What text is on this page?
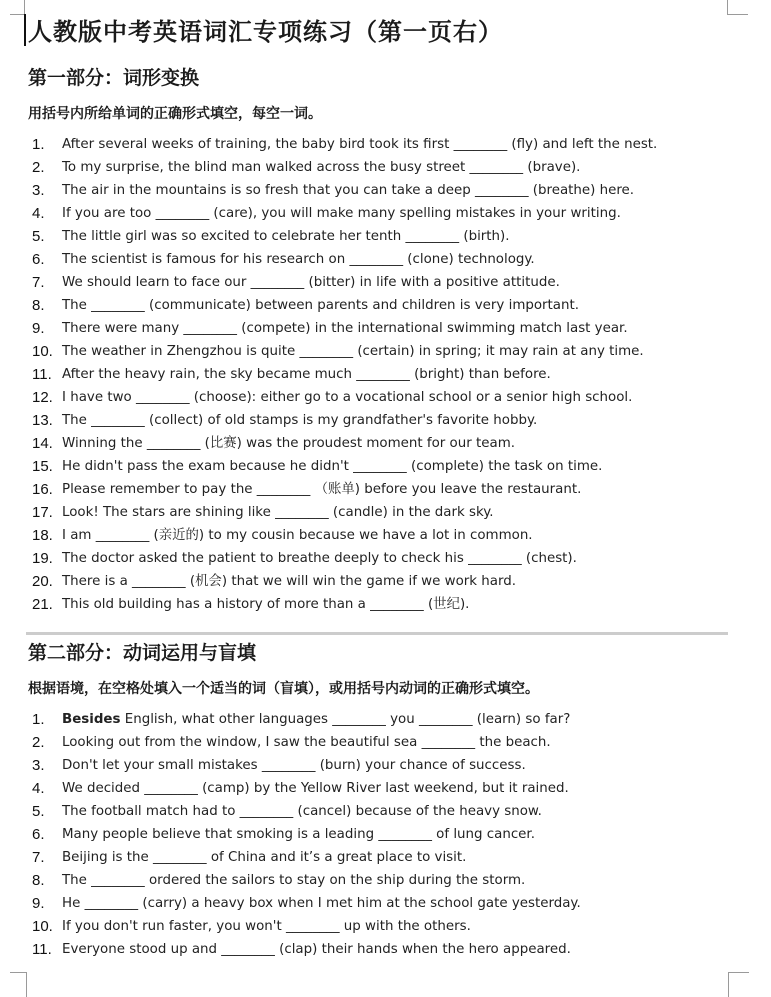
人教版中考英语词汇专项练习（第一页右）
第一部分：词形变换
用括号内所给单词的正确形式填空，每空一词。
1.	After several weeks of training, the baby bird took its first ________ (fly) and left the nest.
2.	To my surprise, the blind man walked across the busy street ________ (brave).
3.	The air in the mountains is so fresh that you can take a deep ________ (breathe) here.
4.	If you are too ________ (care), you will make many spelling mistakes in your writing.
5.	The little girl was so excited to celebrate her tenth ________ (birth).
6.	The scientist is famous for his research on ________ (clone) technology.
7.	We should learn to face our ________ (bitter) in life with a positive attitude.
8.	The ________ (communicate) between parents and children is very important.
9.	There were many ________ (compete) in the international swimming match last year.
10. The weather in Zhengzhou is quite ________ (certain) in spring; it may rain at any time.
11. After the heavy rain, the sky became much ________ (bright) than before.
12. I have two ________ (choose): either go to a vocational school or a senior high school.
13. The ________ (collect) of old stamps is my grandfather's favorite hobby.
14. Winning the ________ (比赛) was the proudest moment for our team.
15. He didn't pass the exam because he didn't ________ (complete) the task on time.
16. Please remember to pay the ________ （账单) before you leave the restaurant.
17. Look! The stars are shining like ________ (candle) in the dark sky.
18. I am ________ (亲近的) to my cousin because we have a lot in common.
19. The doctor asked the patient to breathe deeply to check his ________ (chest).
20. There is a ________ (机会) that we will win the game if we work hard.
21. This old building has a history of more than a ________ (世纪).
第二部分：动词运用与盲填
根据语境，在空格处填入一个适当的词（盲填），或用括号内动词的正确形式填空。
1.	Besides English, what other languages ________ you ________ (learn) so far?
2.	Looking out from the window, I saw the beautiful sea ________ the beach.
3.	Don't let your small mistakes ________ (burn) your chance of success.
4.	We decided ________ (camp) by the Yellow River last weekend, but it rained.
5.	The football match had to ________ (cancel) because of the heavy snow.
6.	Many people believe that smoking is a leading ________ of lung cancer.
7.	Beijing is the ________ of China and it’s a great place to visit.
8.	The ________ ordered the sailors to stay on the ship during the storm.
9.	He ________ (carry) a heavy box when I met him at the school gate yesterday.
10. If you don't run faster, you won't ________ up with the others.
11. Everyone stood up and ________ (clap) their hands when the hero appeared.
